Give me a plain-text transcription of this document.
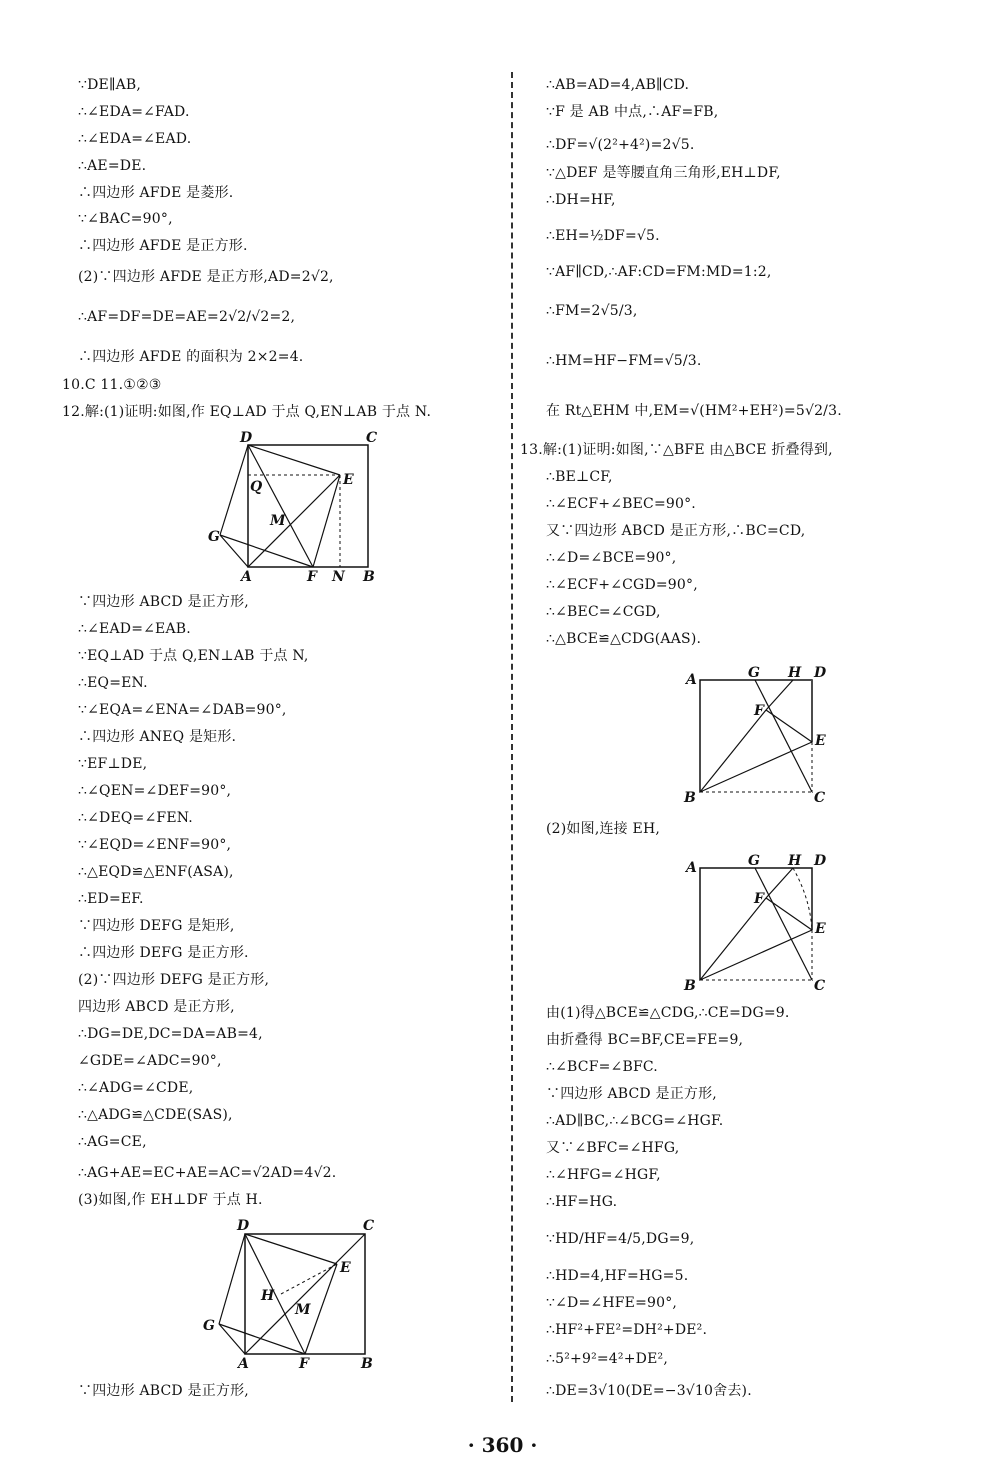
∵DE∥AB,
∴∠EDA=∠FAD.
∴∠EDA=∠EAD.
∴AE=DE.
∴四边形 AFDE 是菱形.
∵∠BAC=90°,
∴四边形 AFDE 是正方形.
(2)∵四边形 AFDE 是正方形,AD=2√2,
∴AF=DF=DE=AE=2√2/√2=2,
∴四边形 AFDE 的面积为 2×2=4.
10.C 11.①②③
12.解:(1)证明:如图,作 EQ⊥AD 于点 Q,EN⊥AB 于点 N.
D	C
Q	E
M
G
A	F N B
∵四边形 ABCD 是正方形,
∴∠EAD=∠EAB.
∵EQ⊥AD 于点 Q,EN⊥AB 于点 N,
∴EQ=EN.
∵∠EQA=∠ENA=∠DAB=90°,
∴四边形 ANEQ 是矩形.
∵EF⊥DE,
∴∠QEN=∠DEF=90°,
∴∠DEQ=∠FEN.
∵∠EQD=∠ENF=90°,
∴△EQD≌△ENF(ASA),
∴ED=EF.
∵四边形 DEFG 是矩形,
∴四边形 DEFG 是正方形.
(2)∵四边形 DEFG 是正方形,
四边形 ABCD 是正方形,
∴DG=DE,DC=DA=AB=4,
∠GDE=∠ADC=90°,
∴∠ADG=∠CDE,
∴△ADG≌△CDE(SAS),
∴AG=CE,
∴AG+AE=EC+AE=AC=√2AD=4√2.
(3)如图,作 EH⊥DF 于点 H.
D	C
E
H
M
G
A	F	B
∵四边形 ABCD 是正方形,
∴AB=AD=4,AB∥CD.
∵F 是 AB 中点,∴AF=FB,
∴DF=√(2²+4²)=2√5.
∵△DEF 是等腰直角三角形,EH⊥DF,
∴DH=HF,
∴EH=½DF=√5.
∵AF∥CD,∴AF:CD=FM:MD=1:2,
∴FM=2√5/3,
∴HM=HF−FM=√5/3.
在 Rt△EHM 中,EM=√(HM²+EH²)=5√2/3.
13.解:(1)证明:如图,∵△BFE 由△BCE 折叠得到,
∴BE⊥CF,
∴∠ECF+∠BEC=90°.
又∵四边形 ABCD 是正方形,∴BC=CD,
∴∠D=∠BCE=90°,
∴∠ECF+∠CGD=90°,
∴∠BEC=∠CGD,
∴△BCE≌△CDG(AAS).
G H D
A
F
E
B	C
(2)如图,连接 EH,
G H D
A
F
E
B	C
由(1)得△BCE≌△CDG,∴CE=DG=9.
由折叠得 BC=BF,CE=FE=9,
∴∠BCF=∠BFC.
∵四边形 ABCD 是正方形,
∴AD∥BC,∴∠BCG=∠HGF.
又∵∠BFC=∠HFG,
∴∠HFG=∠HGF,
∴HF=HG.
∵HD/HF=4/5,DG=9,
∴HD=4,HF=HG=5.
∵∠D=∠HFE=90°,
∴HF²+FE²=DH²+DE².
∴5²+9²=4²+DE²,
∴DE=3√10(DE=−3√10舍去).
· 360 ·
